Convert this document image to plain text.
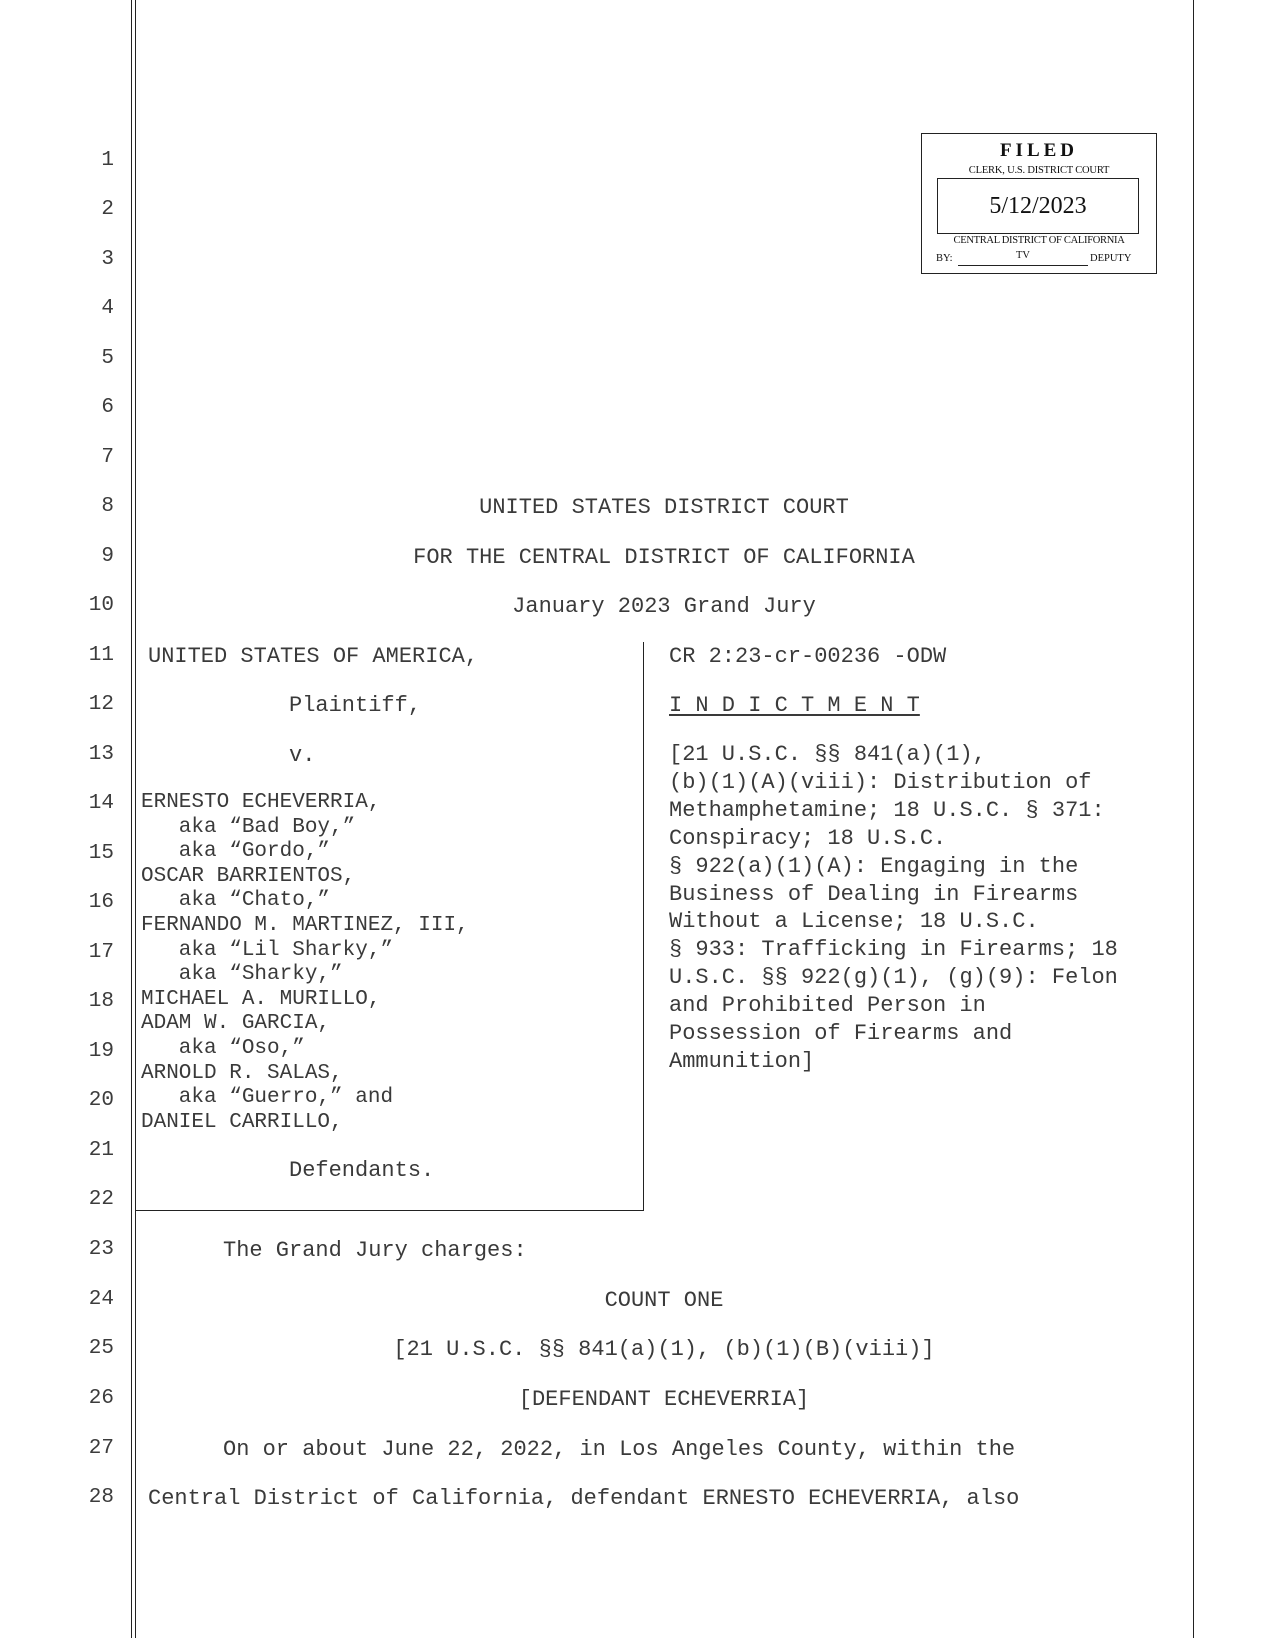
1
2
3
4
5
6
7
8
9
10
11
12
13
14
15
16
17
18
19
20
21
22
23
24
25
26
27
28
FILED
CLERK, U.S. DISTRICT COURT
5/12/2023
CENTRAL DISTRICT OF CALIFORNIA
BY:	TV	DEPUTY
UNITED STATES DISTRICT COURT
FOR THE CENTRAL DISTRICT OF CALIFORNIA
January 2023 Grand Jury
UNITED STATES OF AMERICA,
Plaintiff,
v.
ERNESTO ECHEVERRIA,
aka “Bad Boy,”
aka “Gordo,”
OSCAR BARRIENTOS,
aka “Chato,”
FERNANDO M. MARTINEZ, III,
aka “Lil Sharky,”
aka “Sharky,”
MICHAEL A. MURILLO,
ADAM W. GARCIA,
aka “Oso,”
ARNOLD R. SALAS,
aka “Guerro,” and
DANIEL CARRILLO,
Defendants.
CR 2:23-cr-00236 -ODW
I N D I C T M E N T
[21 U.S.C. §§ 841(a)(1),
(b)(1)(A)(viii): Distribution of
Methamphetamine; 18 U.S.C. § 371:
Conspiracy; 18 U.S.C.
§ 922(a)(1)(A): Engaging in the
Business of Dealing in Firearms
Without a License; 18 U.S.C.
§ 933: Trafficking in Firearms; 18
U.S.C. §§ 922(g)(1), (g)(9): Felon
and Prohibited Person in
Possession of Firearms and
Ammunition]
The Grand Jury charges:
COUNT ONE
[21 U.S.C. §§ 841(a)(1), (b)(1)(B)(viii)]
[DEFENDANT ECHEVERRIA]
On or about June 22, 2022, in Los Angeles County, within the
Central District of California, defendant ERNESTO ECHEVERRIA, also
